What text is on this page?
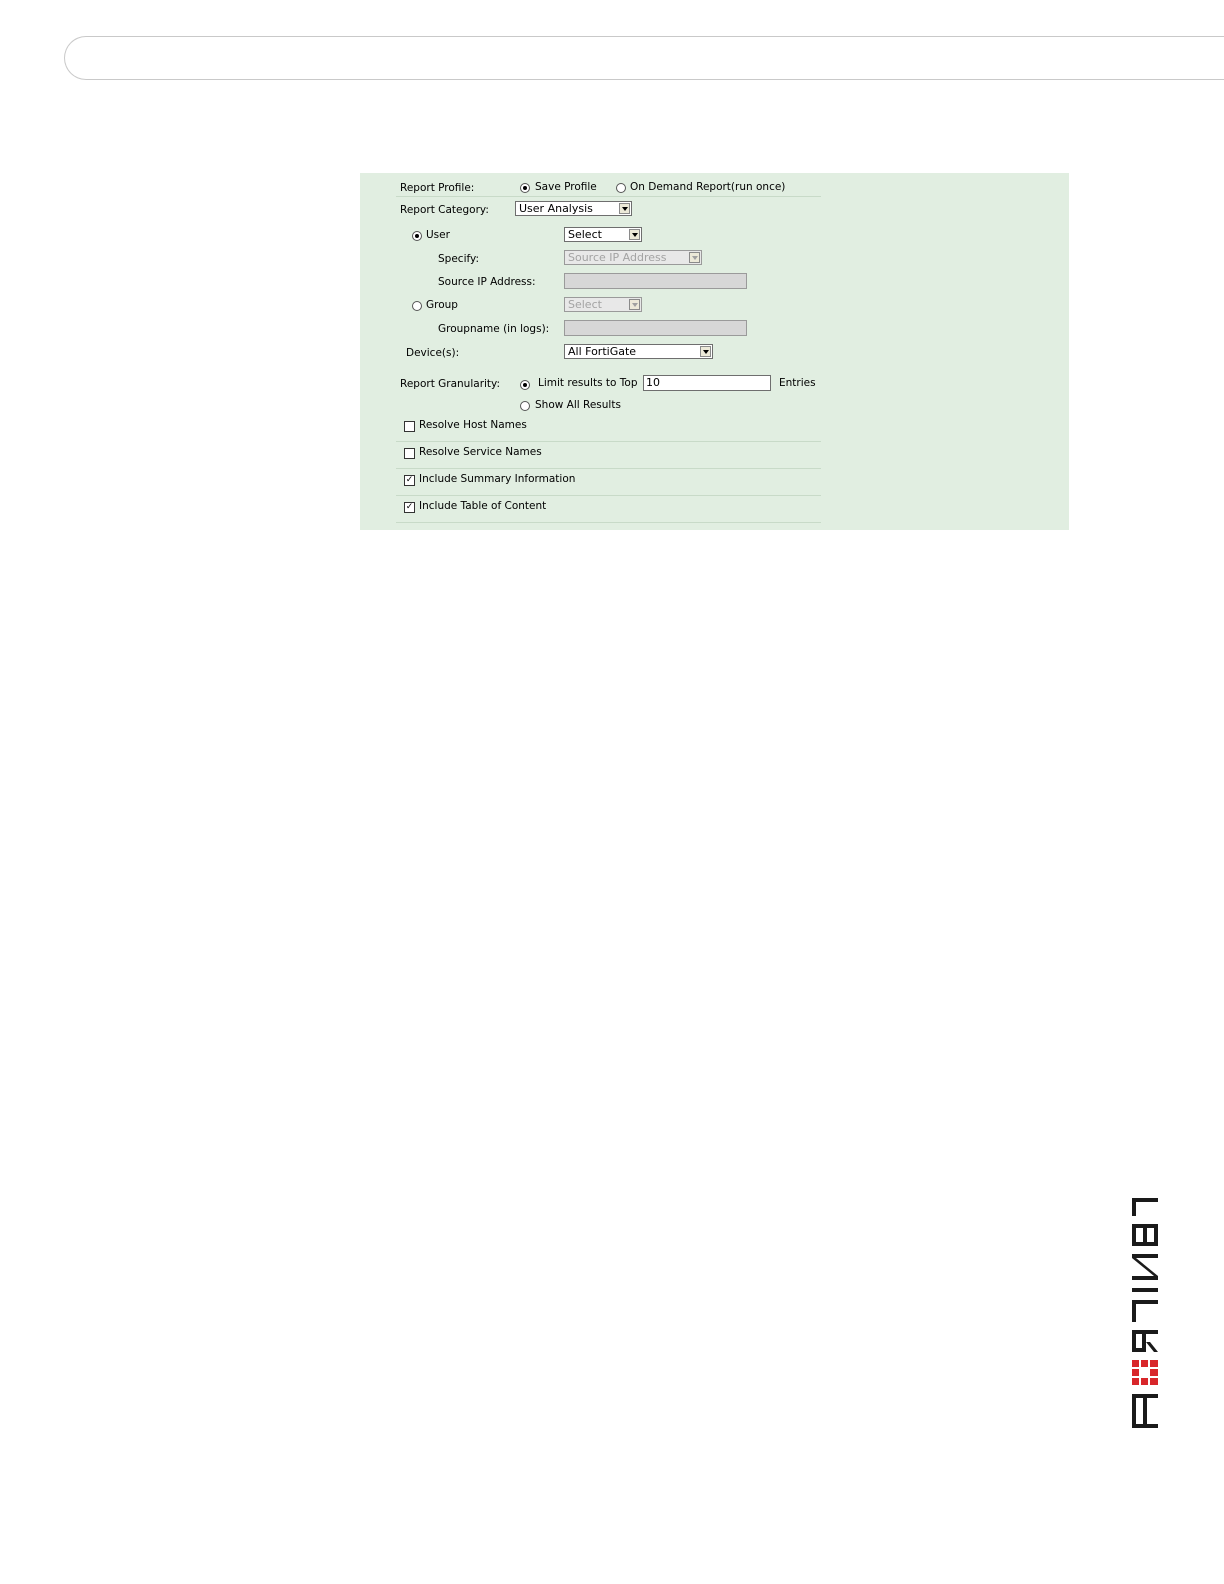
Report Profile:	Save Profile	On Demand Report(run once)
Report Category:	User Analysis
User	Select
Specify:	Source IP Address
Source IP Address:
Group	Select
Groupname (in logs):
Device(s):	All FortiGate
Report Granularity:	Limit results to Top 10	Entries
Show All Results
Resolve Host Names
Resolve Service Names
✓ Include Summary Information
✓ Include Table of Content
